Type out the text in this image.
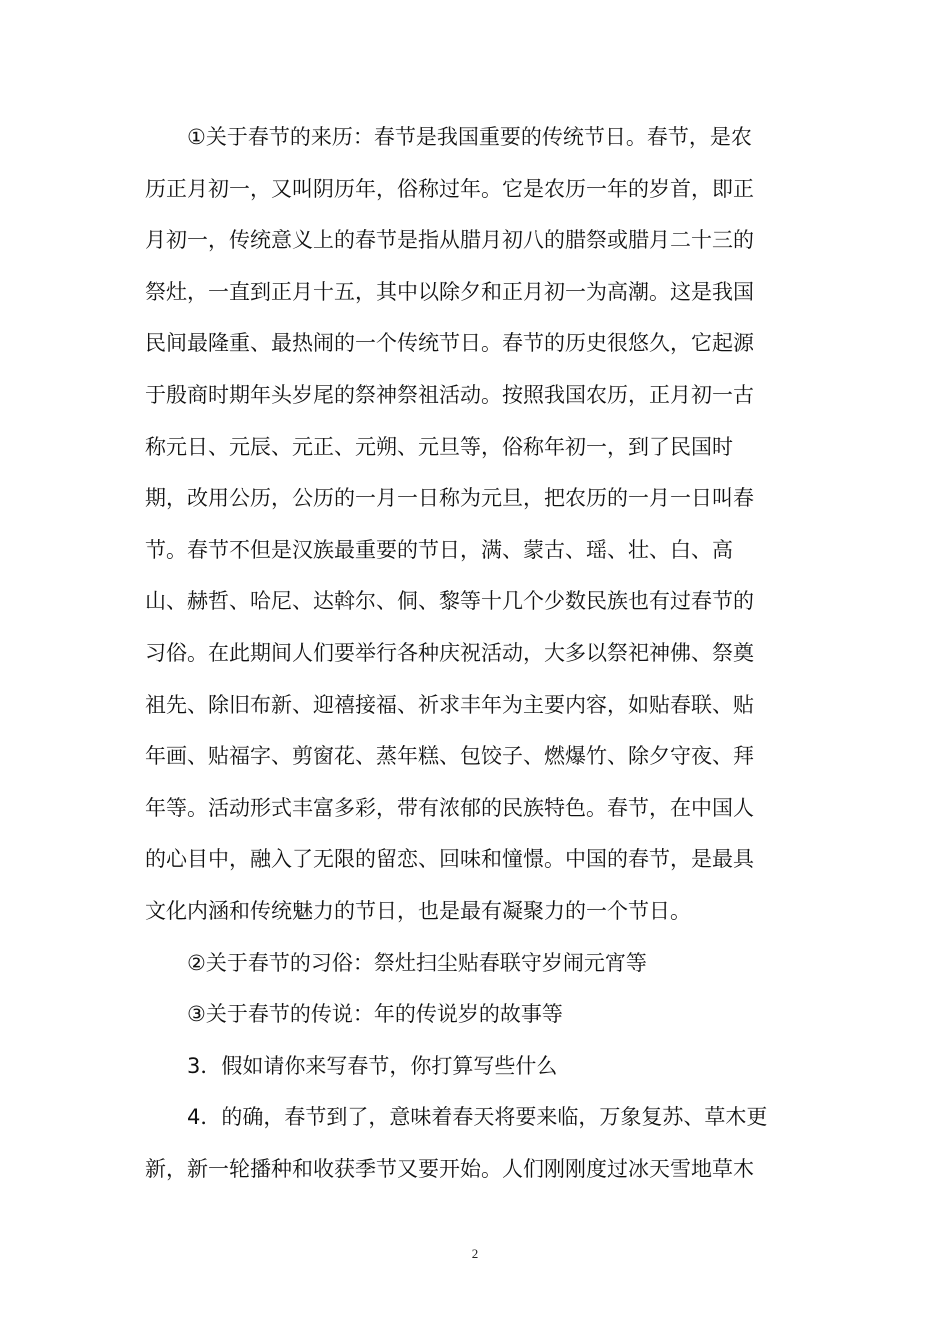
①关于春节的来历：春节是我国重要的传统节日。春节，是农
历正月初一，又叫阴历年，俗称过年。它是农历一年的岁首，即正
月初一，传统意义上的春节是指从腊月初八的腊祭或腊月二十三的
祭灶，一直到正月十五，其中以除夕和正月初一为高潮。这是我国
民间最隆重、最热闹的一个传统节日。春节的历史很悠久，它起源
于殷商时期年头岁尾的祭神祭祖活动。按照我国农历，正月初一古
称元日、元辰、元正、元朔、元旦等，俗称年初一，到了民国时
期，改用公历，公历的一月一日称为元旦，把农历的一月一日叫春
节。春节不但是汉族最重要的节日，满、蒙古、瑶、壮、白、高
山、赫哲、哈尼、达斡尔、侗、黎等十几个少数民族也有过春节的
习俗。在此期间人们要举行各种庆祝活动，大多以祭祀神佛、祭奠
祖先、除旧布新、迎禧接福、祈求丰年为主要内容，如贴春联、贴
年画、贴福字、剪窗花、蒸年糕、包饺子、燃爆竹、除夕守夜、拜
年等。活动形式丰富多彩，带有浓郁的民族特色。春节，在中国人
的心目中，融入了无限的留恋、回味和憧憬。中国的春节，是最具
文化内涵和传统魅力的节日，也是最有凝聚力的一个节日。
②关于春节的习俗：祭灶扫尘贴春联守岁闹元宵等
③关于春节的传说：年的传说岁的故事等
3．假如请你来写春节，你打算写些什么
4．的确，春节到了，意味着春天将要来临，万象复苏、草木更
新，新一轮播种和收获季节又要开始。人们刚刚度过冰天雪地草木
2
